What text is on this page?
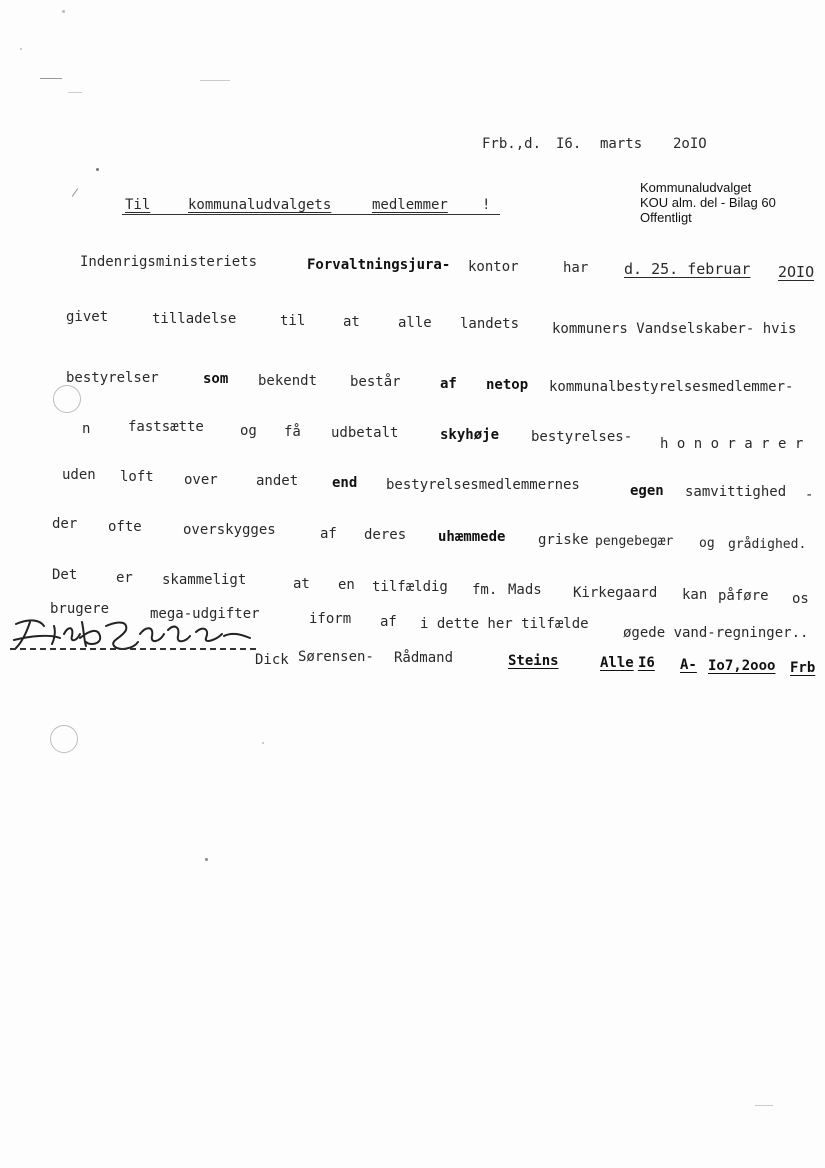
Frb.,d. I6. marts 2oIO
Kommunaludvalget
KOU alm. del - Bilag 60
Offentligt
Til	kommunaludvalgets	medlemmer !
Indenrigsministeriets	Forvaltningsjura- kontor	har d. 25. februar 2OIO
givet	tilladelse	til	at	alle landets kommuners Vandselskaber- hvis
bestyrelser	som bekendt består	af netop kommunalbestyrelsesmedlemmer-
n	fastsætte	og få udbetalt	skyhøje bestyrelses- h o n o r a r e r
uden loft over	andet end bestyrelsesmedlemmernes	egen samvittighed -
der ofte	overskygges	af deres uhæmmede griske pengebegær og grådighed.
Det	er skammeligt	at en tilfældig fm. Mads Kirkegaard kan påføre os
brugere	mega-udgifter	iform af i dette her tilfælde
øgede vand-regninger..
Dick Sørensen- Rådmand	Steins	Alle I6 A- Io7,2ooo Frb
